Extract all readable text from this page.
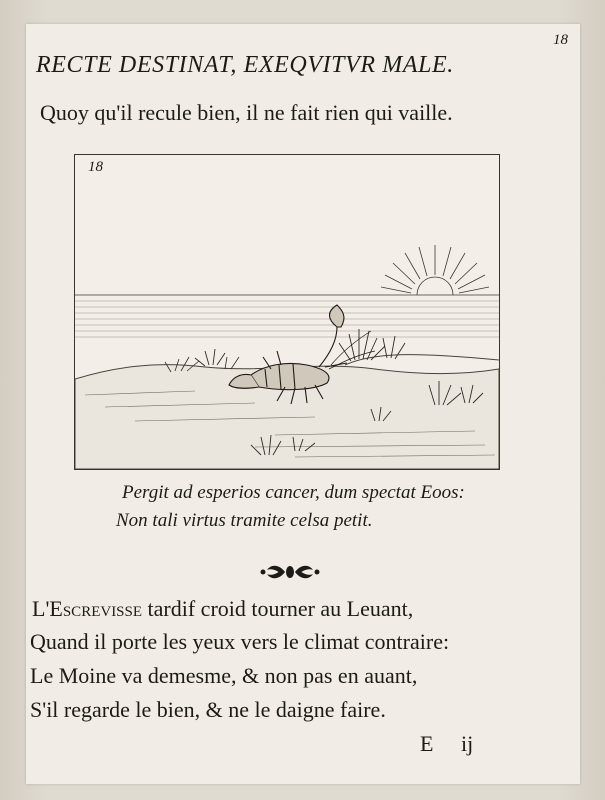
18
RECTE DESTINAT, EXEQVITVR MALE.
Quoy qu'il recule bien, il ne fait rien qui vaille.
18
Pergit ad esperios cancer, dum spectat Eoos:
Non tali virtus tramite celsa petit.
L'Escrevisse tardif croid tourner au Leuant,
Quand il porte les yeux vers le climat contraire:
Le Moine va demesme, & non pas en auant,
S'il regarde le bien, & ne le daigne faire.
E ij
